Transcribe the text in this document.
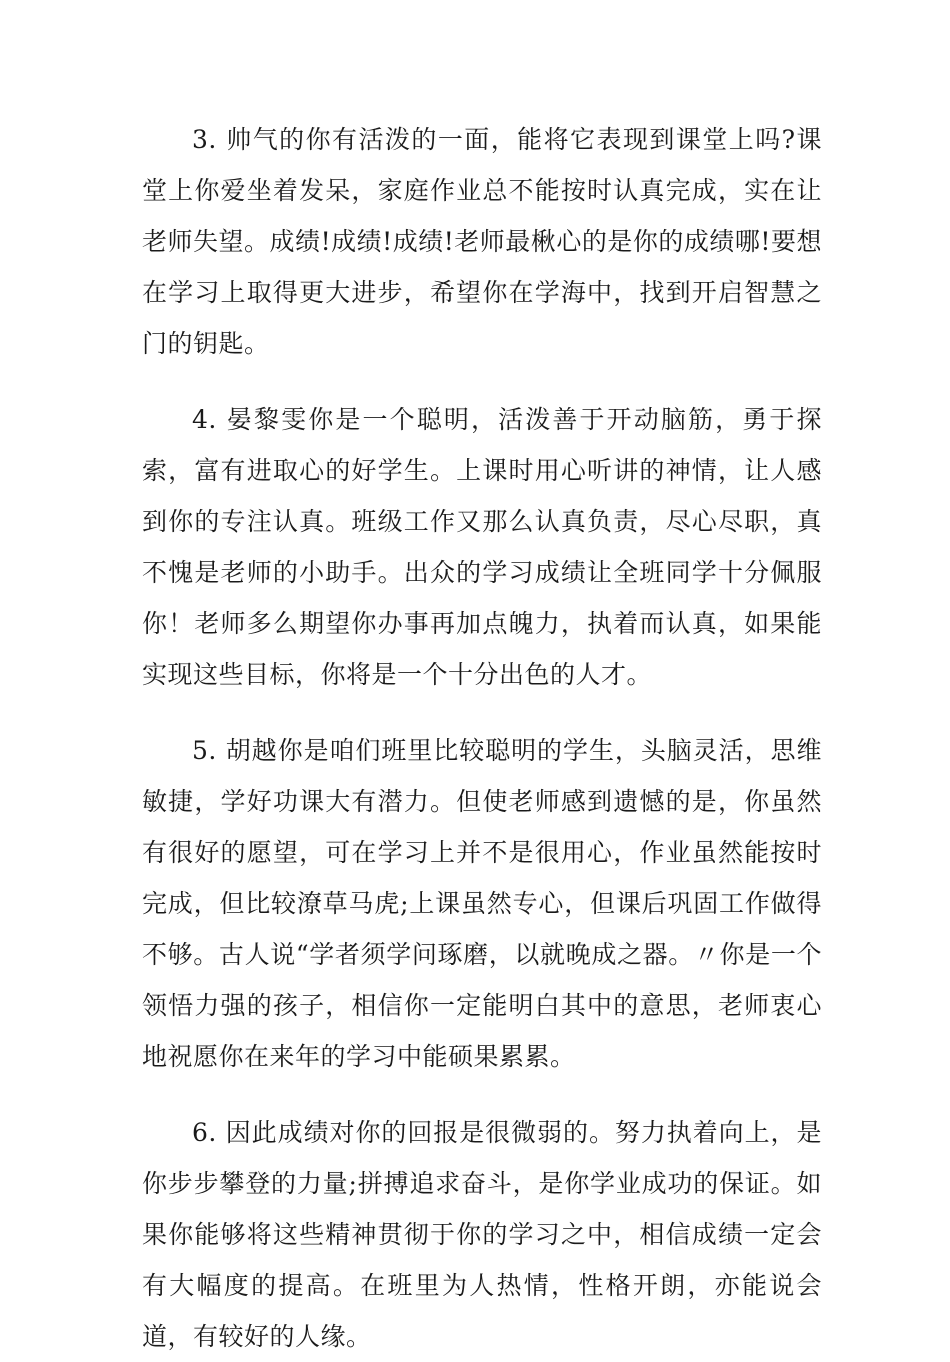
3. 帅气的你有活泼的一面，能将它表现到课堂上吗?课堂上你爱坐着发呆，家庭作业总不能按时认真完成，实在让老师失望。成绩!成绩!成绩!老师最楸心的是你的成绩哪!要想在学习上取得更大进步，希望你在学海中，找到开启智慧之门的钥匙。

4. 晏黎雯你是一个聪明，活泼善于开动脑筋，勇于探索，富有进取心的好学生。上课时用心听讲的神情，让人感到你的专注认真。班级工作又那么认真负责，尽心尽职，真不愧是老师的小助手。出众的学习成绩让全班同学十分佩服你！老师多么期望你办事再加点魄力，执着而认真，如果能实现这些目标，你将是一个十分出色的人才。

5. 胡越你是咱们班里比较聪明的学生，头脑灵活，思维敏捷，学好功课大有潜力。但使老师感到遗憾的是，你虽然有很好的愿望，可在学习上并不是很用心，作业虽然能按时完成，但比较潦草马虎;上课虽然专心，但课后巩固工作做得不够。古人说“学者须学问琢磨，以就晚成之器。〃你是一个领悟力强的孩子，相信你一定能明白其中的意思，老师衷心地祝愿你在来年的学习中能硕果累累。

6. 因此成绩对你的回报是很微弱的。努力执着向上，是你步步攀登的力量;拼搏追求奋斗，是你学业成功的保证。如果你能够将这些精神贯彻于你的学习之中，相信成绩一定会有大幅度的提高。在班里为人热情，性格开朗，亦能说会道，有较好的人缘。
